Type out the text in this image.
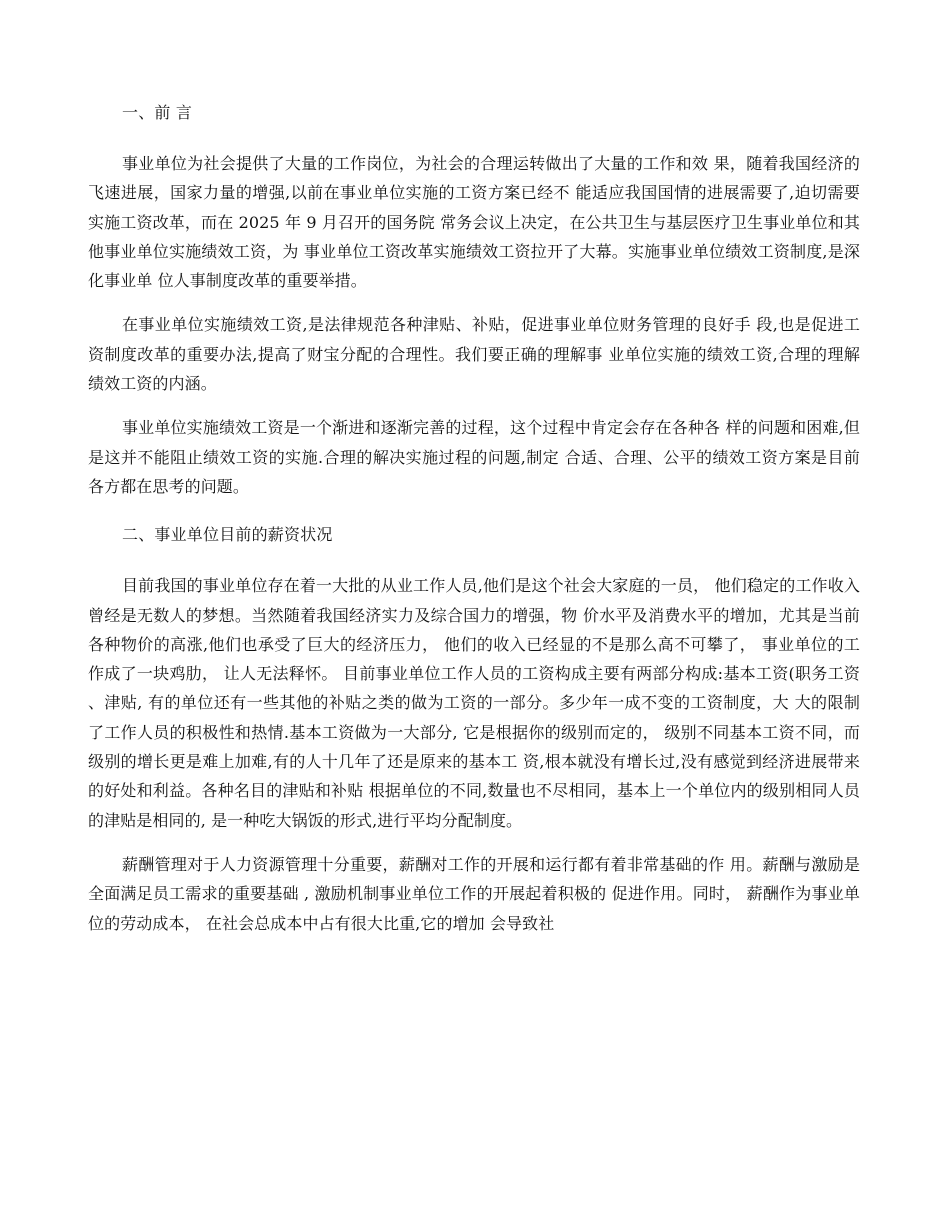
一、前 言

事业单位为社会提供了大量的工作岗位，为社会的合理运转做出了大量的工作和效 果，随着我国经济的飞速进展，国家力量的增强,以前在事业单位实施的工资方案已经不 能适应我国国情的进展需要了,迫切需要实施工资改革，而在 2025 年 9 月召开的国务院 常务会议上决定，在公共卫生与基层医疗卫生事业单位和其他事业单位实施绩效工资，为 事业单位工资改革实施绩效工资拉开了大幕。实施事业单位绩效工资制度,是深化事业单 位人事制度改革的重要举措。

在事业单位实施绩效工资,是法律规范各种津贴、补贴，促进事业单位财务管理的良好手 段,也是促进工资制度改革的重要办法,提高了财宝分配的合理性。我们要正确的理解事 业单位实施的绩效工资,合理的理解绩效工资的内涵。

事业单位实施绩效工资是一个渐进和逐渐完善的过程，这个过程中肯定会存在各种各 样的问题和困难,但是这并不能阻止绩效工资的实施.合理的解决实施过程的问题,制定 合适、合理、公平的绩效工资方案是目前各方都在思考的问题。

二、事业单位目前的薪资状况

目前我国的事业单位存在着一大批的从业工作人员,他们是这个社会大家庭的一员， 他们稳定的工作收入曾经是无数人的梦想。当然随着我国经济实力及综合国力的增强，物 价水平及消费水平的增加，尤其是当前各种物价的高涨,他们也承受了巨大的经济压力， 他们的收入已经显的不是那么高不可攀了， 事业单位的工作成了一块鸡肋， 让人无法释怀。 目前事业单位工作人员的工资构成主要有两部分构成:基本工资(职务工资 、津贴, 有的单位还有一些其他的补贴之类的做为工资的一部分。多少年一成不变的工资制度，大 大的限制了工作人员的积极性和热情.基本工资做为一大部分, 它是根据你的级别而定的， 级别不同基本工资不同，而级别的增长更是难上加难,有的人十几年了还是原来的基本工 资,根本就没有增长过,没有感觉到经济进展带来的好处和利益。各种名目的津贴和补贴 根据单位的不同,数量也不尽相同，基本上一个单位内的级别相同人员的津贴是相同的, 是一种吃大锅饭的形式,进行平均分配制度。

薪酬管理对于人力资源管理十分重要，薪酬对工作的开展和运行都有着非常基础的作 用。薪酬与激励是全面满足员工需求的重要基础 , 激励机制事业单位工作的开展起着积极的 促进作用。同时， 薪酬作为事业单位的劳动成本， 在社会总成本中占有很大比重,它的增加 会导致社
